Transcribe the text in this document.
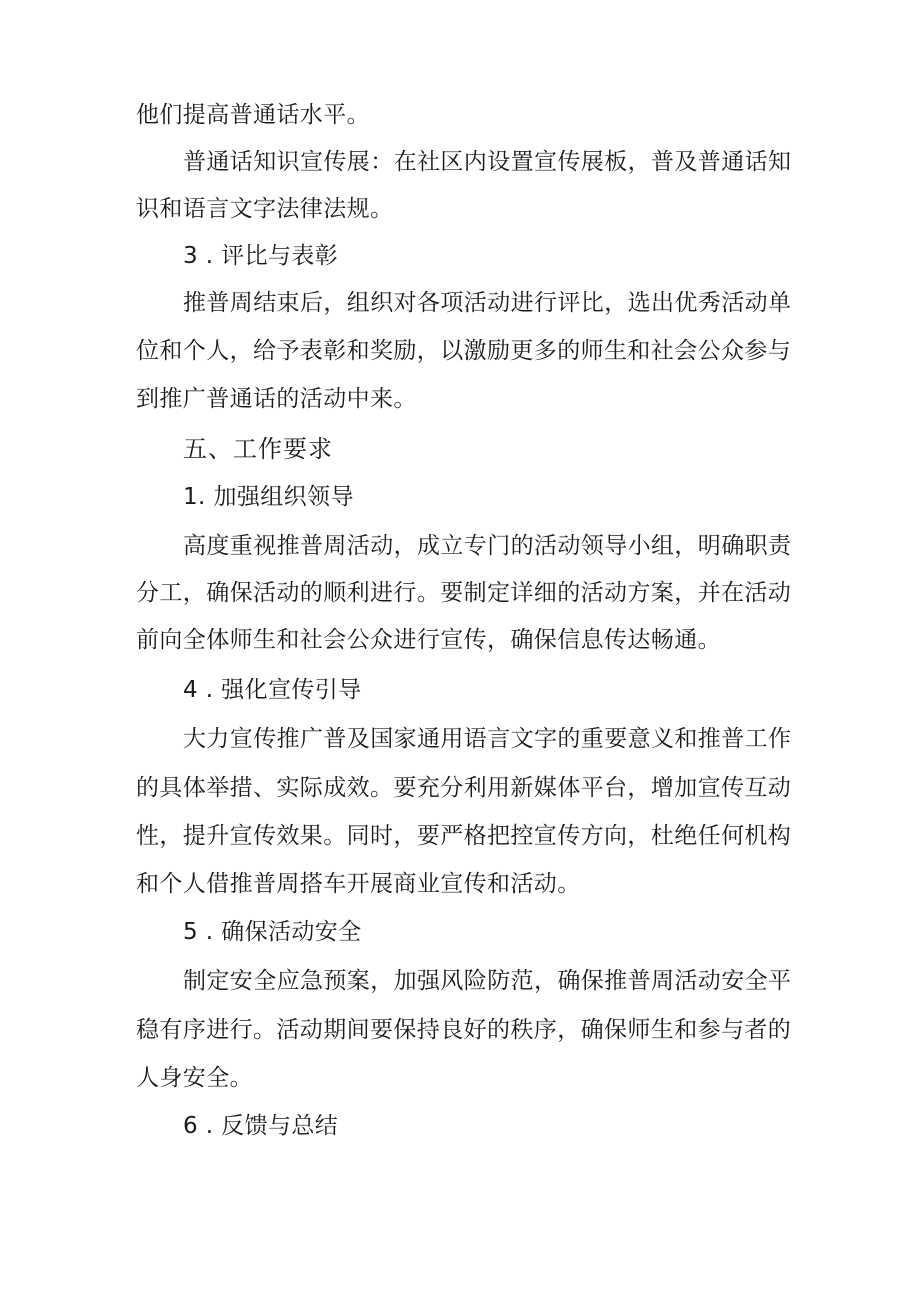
他们提高普通话水平。
普通话知识宣传展：在社区内设置宣传展板，普及普通话知
识和语言文字法律法规。
3 . 评比与表彰
推普周结束后，组织对各项活动进行评比，选出优秀活动单
位和个人，给予表彰和奖励，以激励更多的师生和社会公众参与
到推广普通话的活动中来。
五、工作要求
1. 加强组织领导
高度重视推普周活动，成立专门的活动领导小组，明确职责
分工，确保活动的顺利进行。要制定详细的活动方案，并在活动
前向全体师生和社会公众进行宣传，确保信息传达畅通。
4 . 强化宣传引导
大力宣传推广普及国家通用语言文字的重要意义和推普工作
的具体举措、实际成效。要充分利用新媒体平台，增加宣传互动
性，提升宣传效果。同时，要严格把控宣传方向，杜绝任何机构
和个人借推普周搭车开展商业宣传和活动。
5 . 确保活动安全
制定安全应急预案，加强风险防范，确保推普周活动安全平
稳有序进行。活动期间要保持良好的秩序，确保师生和参与者的
人身安全。
6 . 反馈与总结
